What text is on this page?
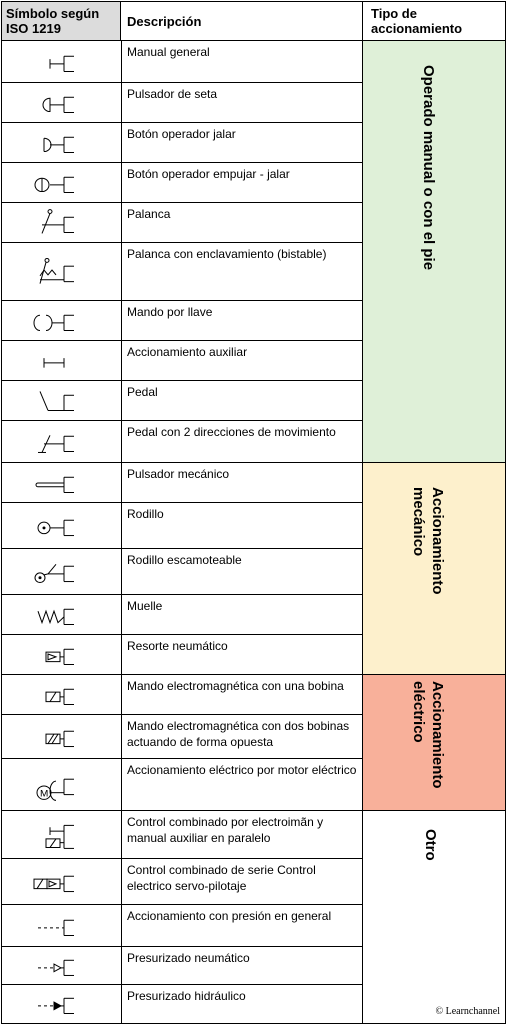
Símbolo según ISO 1219	Descripción
Tipo de accionamiento
Manual general
Pulsador de seta
Botón operador jalar
Botón operador empujar - jalar
Palanca
Palanca con enclavamiento (bistable)
Mando por llave
Accionamiento auxiliar
Pedal
Pedal con 2 direcciones de movimiento
Pulsador mecánico
Rodillo
Rodillo escamoteable
Muelle
Resorte neumático
Mando electromagnética con una bobina
Mando electromagnética con dos bobinas actuando de forma opuesta
M
Accionamiento eléctrico por motor eléctrico
Control combinado por electroimãn y manual auxiliar en paralelo
Control combinado de serie Control electrico servo-pilotaje
Accionamiento con presión en general
Presurizado neumático
Presurizado hidráulico
Operado manual o con el pie
Accionamiento
mecánico
Accionamiento
eléctrico
Otro
© Learnchannel
